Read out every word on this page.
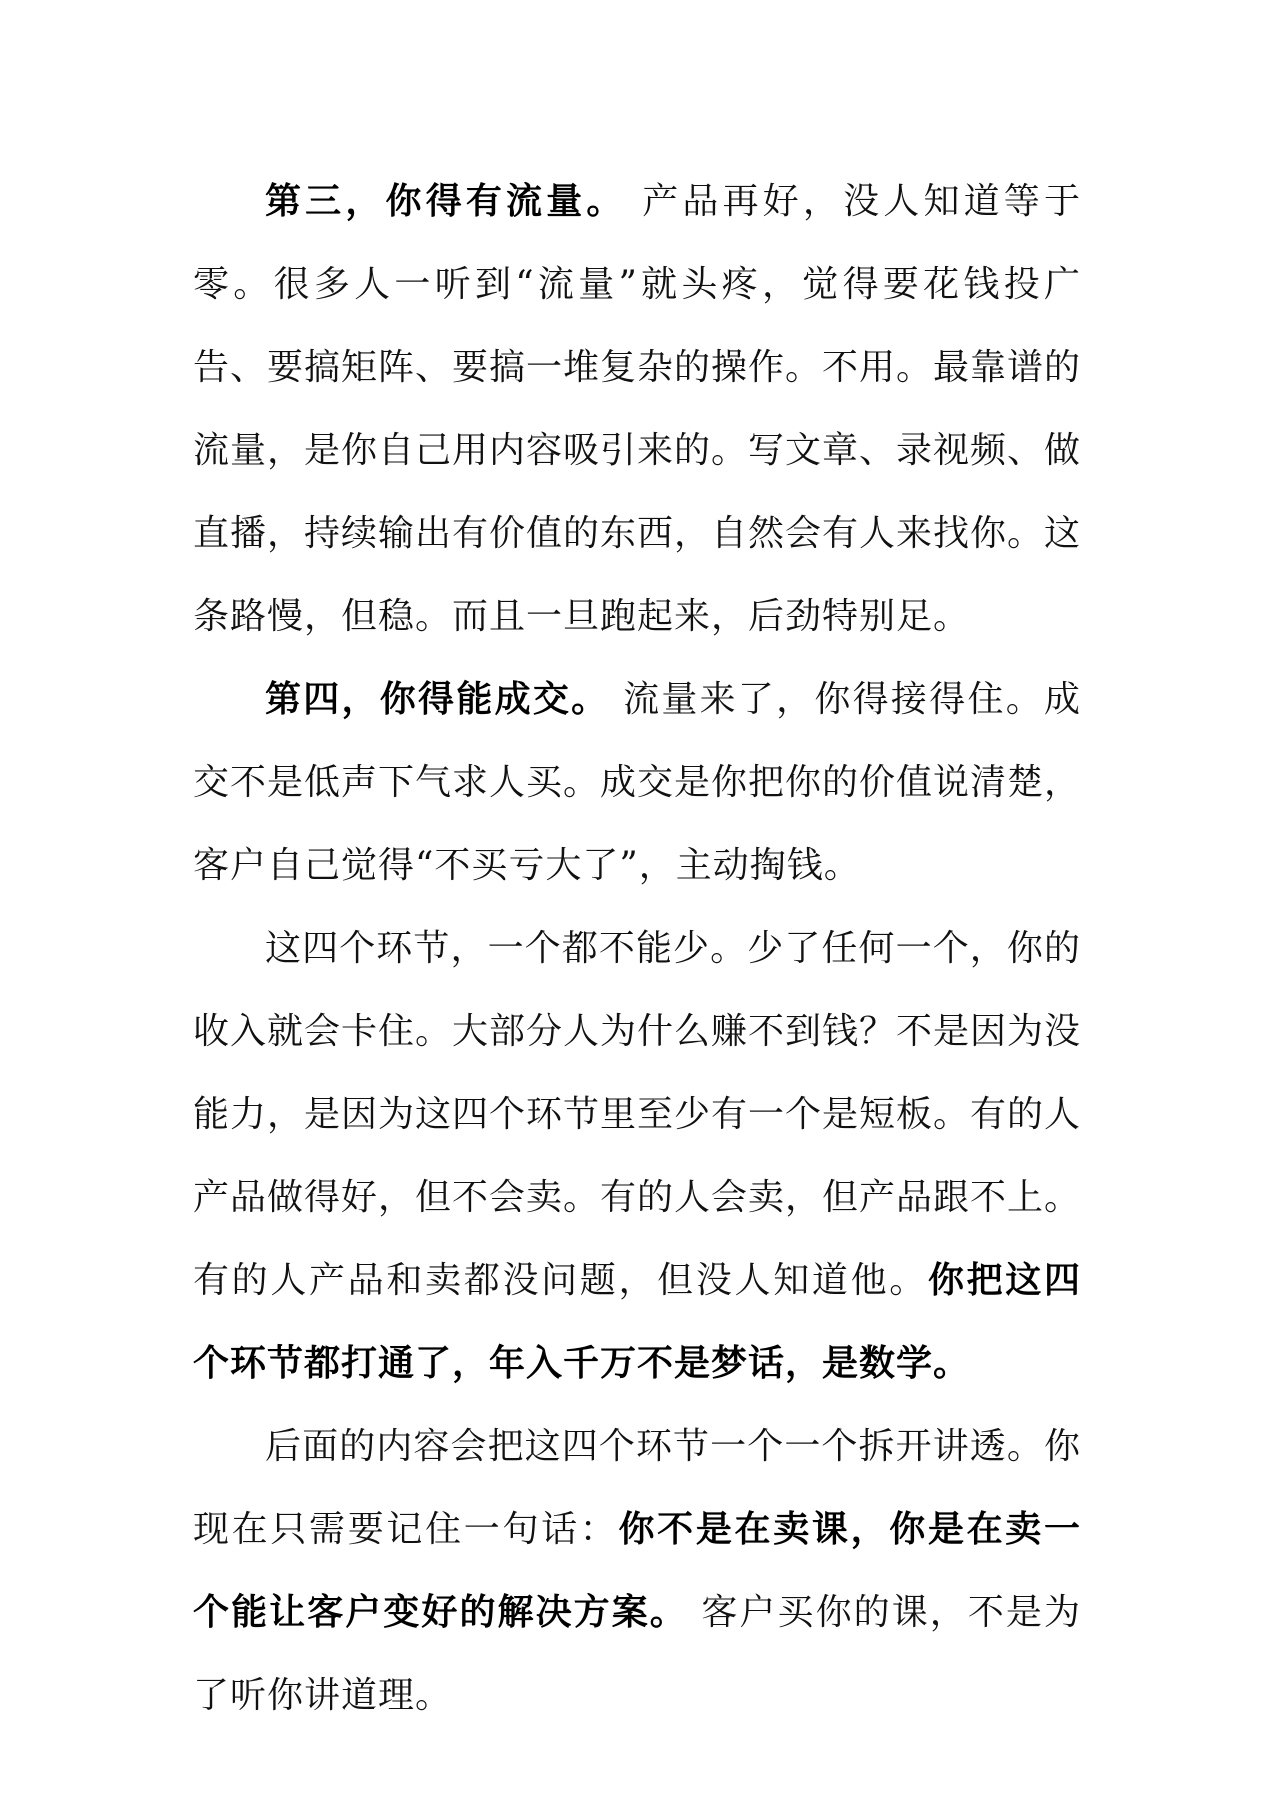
第三，你得有流量。 产品再好，没人知道等于零。很多人一听到“流量”就头疼，觉得要花钱投广告、要搞矩阵、要搞一堆复杂的操作。不用。最靠谱的流量，是你自己用内容吸引来的。写文章、录视频、做直播，持续输出有价值的东西，自然会有人来找你。这条路慢，但稳。而且一旦跑起来，后劲特别足。

第四，你得能成交。 流量来了，你得接得住。成交不是低声下气求人买。成交是你把你的价值说清楚，客户自己觉得“不买亏大了”，主动掏钱。

这四个环节，一个都不能少。少了任何一个，你的收入就会卡住。大部分人为什么赚不到钱？不是因为没能力，是因为这四个环节里至少有一个是短板。有的人产品做得好，但不会卖。有的人会卖，但产品跟不上。有的人产品和卖都没问题，但没人知道他。你把这四个环节都打通了，年入千万不是梦话，是数学。

后面的内容会把这四个环节一个一个拆开讲透。你现在只需要记住一句话：你不是在卖课，你是在卖一个能让客户变好的解决方案。 客户买你的课，不是为了听你讲道理。
